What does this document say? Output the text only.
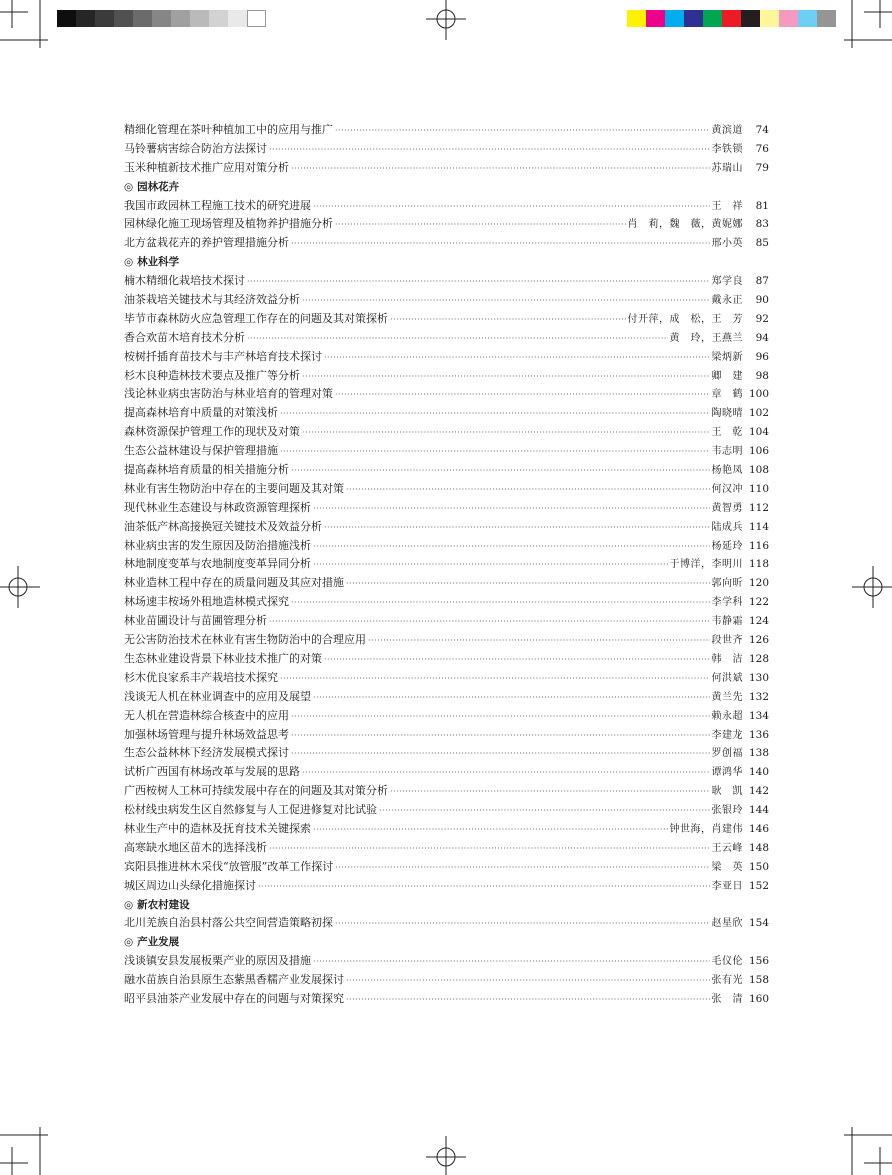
精细化管理在茶叶种植加工中的应用与推广 ·····	黄滨道	74
马铃薯病害综合防治方法探讨 ·····	李铁锁	76
玉米种植新技术推广应用对策分析 ·····	苏瑞山	79
◎ 园林花卉
我国市政园林工程施工技术的研究进展 ·····	王　祥	81
园林绿化施工现场管理及植物养护措施分析 ·····	肖　莉，魏　薇，黄妮娜	83
北方盆栽花卉的养护管理措施分析 ·····	邢小英	85
◎ 林业科学
楠木精细化栽培技术探讨 ·····	郑学良	87
油茶栽培关键技术与其经济效益分析 ·····	戴永正	90
毕节市森林防火应急管理工作存在的问题及其对策探析 ·····	付开萍，成　松，王　芳	92
香合欢苗木培育技术分析 ·····	黄　玲，王燕兰	94
桉树扦插育苗技术与丰产林培育技术探讨 ·····	梁炳新	96
杉木良种造林技术要点及推广等分析 ·····	卿　建	98
浅论林业病虫害防治与林业培育的管理对策 ·····	章　鹤 100
提高森林培育中质量的对策浅析 ·····	陶晓晴 102
森林资源保护管理工作的现状及对策 ·····	王　乾 104
生态公益林建设与保护管理措施 ·····	韦志明 106
提高森林培育质量的相关措施分析 ·····	杨艳凤 108
林业有害生物防治中存在的主要问题及其对策 ·····	何汉冲 110
现代林业生态建设与林政资源管理探析 ·····	黄智勇 112
油茶低产林高接换冠关键技术及效益分析 ·····	陆成兵 114
林业病虫害的发生原因及防治措施浅析 ·····	杨延玲 116
林地制度变革与农地制度变革异同分析 ·····	于博洋，李明川 118
林业造林工程中存在的质量问题及其应对措施 ·····	郭向昕 120
林场速丰桉场外租地造林模式探究 ·····	李学科 122
林业苗圃设计与苗圃管理分析 ·····	韦静霜 124
无公害防治技术在林业有害生物防治中的合理应用 ·····	段世齐 126
生态林业建设背景下林业技术推广的对策 ·····	韩　洁 128
杉木优良家系丰产栽培技术探究 ·····	何洪斌 130
浅谈无人机在林业调查中的应用及展望 ·····	黄兰先 132
无人机在营造林综合核查中的应用 ·····	赖永超 134
加强林场管理与提升林场效益思考 ·····	李建龙 136
生态公益林林下经济发展模式探讨 ·····	罗创福 138
试析广西国有林场改革与发展的思路 ·····	谭鸿华 140
广西桉树人工林可持续发展中存在的问题及其对策分析 ·····	耿　凯 142
松材线虫病发生区自然修复与人工促进修复对比试验 ·····	张银玲 144
林业生产中的造林及抚育技术关键探索 ·····	钟世海，肖建伟 146
高寒缺水地区苗木的选择浅析 ·····	王云峰 148
宾阳县推进林木采伐“放管服”改革工作探讨 ·····	梁　英 150
城区周边山头绿化措施探讨 ·····	李亚日 152
◎ 新农村建设
北川羌族自治县村落公共空间营造策略初探 ·····	赵星欣 154
◎ 产业发展
浅谈镇安县发展板栗产业的原因及措施 ·····	毛仪伦 156
融水苗族自治县原生态紫黑香糯产业发展探讨 ·····	张有光 158
昭平县油茶产业发展中存在的问题与对策探究 ·····	张　清 160
